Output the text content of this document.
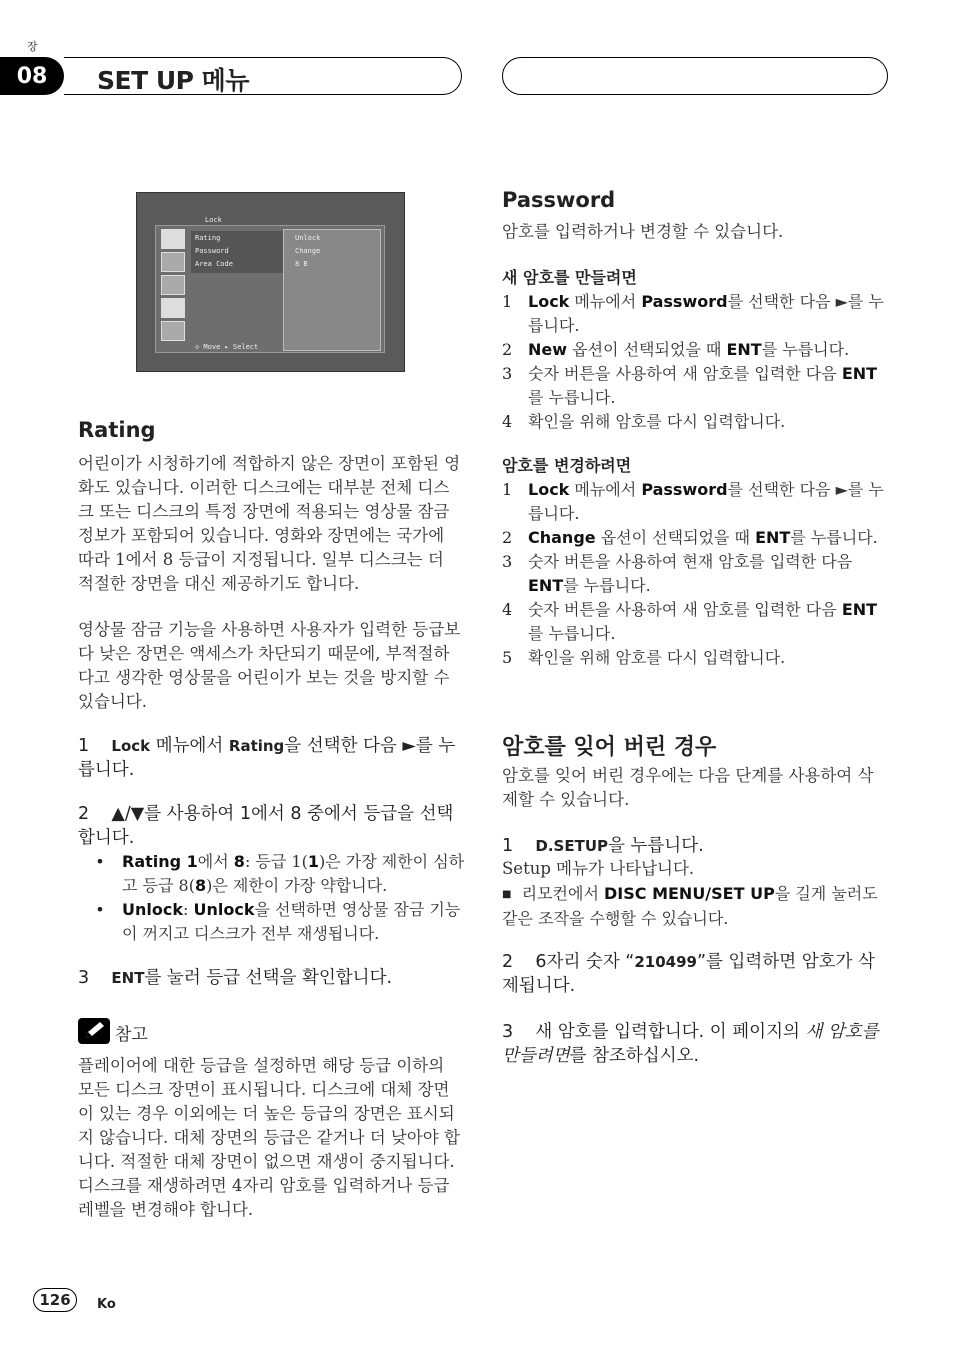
장
08	SET UP 메뉴
Lock
Rating
Password
Area Code
Unlock
Change
8 B
◇ Move ▸ Select
Rating
어린이가 시청하기에 적합하지 않은 장면이 포함된 영화도 있습니다. 이러한 디스크에는 대부분 전체 디스크 또는 디스크의 특정 장면에 적용되는 영상물 잠금 정보가 포함되어 있습니다. 영화와 장면에는 국가에 따라 1에서 8 등급이 지정됩니다. 일부 디스크는 더 적절한 장면을 대신 제공하기도 합니다.
영상물 잠금 기능을 사용하면 사용자가 입력한 등급보다 낮은 장면은 액세스가 차단되기 때문에, 부적절하다고 생각한 영상물을 어린이가 보는 것을 방지할 수 있습니다.
1 Lock 메뉴에서 Rating을 선택한 다음 ►를 누릅니다.
2 ▲/▼를 사용하여 1에서 8 중에서 등급을 선택합니다.
•	Rating 1에서 8: 등급 1(1)은 가장 제한이 심하고 등급 8(8)은 제한이 가장 약합니다.
•	Unlock: Unlock을 선택하면 영상물 잠금 기능이 꺼지고 디스크가 전부 재생됩니다.
3 ENT를 눌러 등급 선택을 확인합니다.
참고
플레이어에 대한 등급을 설정하면 해당 등급 이하의 모든 디스크 장면이 표시됩니다. 디스크에 대체 장면이 있는 경우 이외에는 더 높은 등급의 장면은 표시되지 않습니다. 대체 장면의 등급은 같거나 더 낮아야 합니다. 적절한 대체 장면이 없으면 재생이 중지됩니다. 디스크를 재생하려면 4자리 암호를 입력하거나 등급 레벨을 변경해야 합니다.
Password
암호를 입력하거나 변경할 수 있습니다.
새 암호를 만들려면
1 Lock 메뉴에서 Password를 선택한 다음 ►를 누릅니다.
2 New 옵션이 선택되었을 때 ENT를 누릅니다.
3 숫자 버튼을 사용하여 새 암호를 입력한 다음 ENT를 누릅니다.
4 확인을 위해 암호를 다시 입력합니다.
암호를 변경하려면
1 Lock 메뉴에서 Password를 선택한 다음 ►를 누릅니다.
2 Change 옵션이 선택되었을 때 ENT를 누릅니다.
3 숫자 버튼을 사용하여 현재 암호를 입력한 다음 ENT를 누릅니다.
4 숫자 버튼을 사용하여 새 암호를 입력한 다음 ENT를 누릅니다.
5 확인을 위해 암호를 다시 입력합니다.
암호를 잊어 버린 경우
암호를 잊어 버린 경우에는 다음 단계를 사용하여 삭제할 수 있습니다.
1 D.SETUP을 누릅니다.
Setup 메뉴가 나타납니다.
■ 리모컨에서 DISC MENU/SET UP을 길게 눌러도 같은 조작을 수행할 수 있습니다.
2 6자리 숫자 “210499”를 입력하면 암호가 삭제됩니다.
3 새 암호를 입력합니다. 이 페이지의 새 암호를 만들려면를 참조하십시오.
126	Ko
